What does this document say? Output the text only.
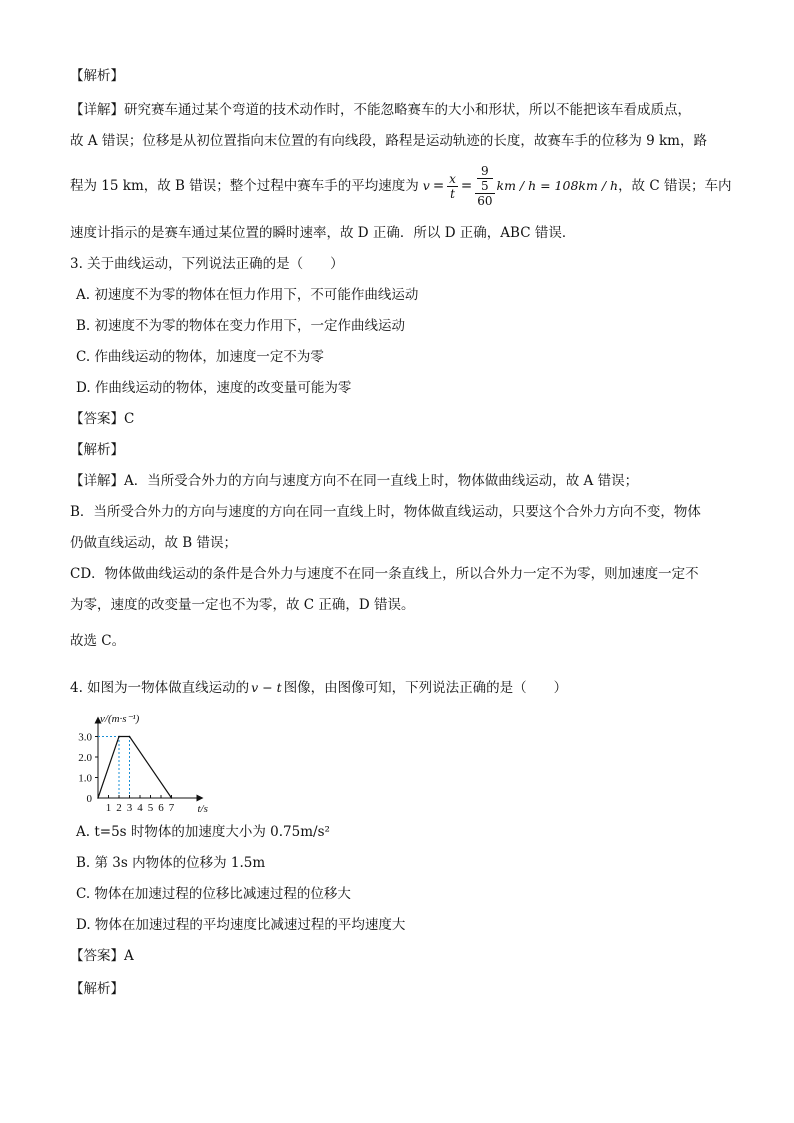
【解析】
【详解】研究赛车通过某个弯道的技术动作时，不能忽略赛车的大小和形状，所以不能把该车看成质点，
故 A 错误；位移是从初位置指向末位置的有向线段，路程是运动轨迹的长度，故赛车手的位移为 9 km，路
程为 15 km，故 B 错误；整个过程中赛车手的平均速度为 $v = \frac{x}{t} = 9$
5
60 km / h = 108km / h ，故 C 错误；车内
速度计指示的是赛车通过某位置的瞬时速率，故 D 正确．所以 D 正确，ABC 错误．
3. 关于曲线运动，下列说法正确的是（　　）
A. 初速度不为零的物体在恒力作用下，不可能作曲线运动
B. 初速度不为零的物体在变力作用下，一定作曲线运动
C. 作曲线运动的物体，加速度一定不为零
D. 作曲线运动的物体，速度的改变量可能为零
【答案】C
【解析】
【详解】A．当所受合外力的方向与速度方向不在同一直线上时，物体做曲线运动，故 A 错误；
B．当所受合外力的方向与速度的方向在同一直线上时，物体做直线运动，只要这个合外力方向不变，物体
仍做直线运动，故 B 错误；
CD．物体做曲线运动的条件是合外力与速度不在同一条直线上，所以合外力一定不为零，则加速度一定不
为零，速度的改变量一定也不为零，故 C 正确，D 错误。
故选 C。
4. 如图为一物体做直线运动的 v − t 图像，由图像可知，下列说法正确的是（　　）
0
1.0
2.0
3.0
1 2 3 4 5 6 7
v/(m·s⁻¹)
t/s
A. t=5s 时物体的加速度大小为 0.75m/s²
B. 第 3s 内物体的位移为 1.5m
C. 物体在加速过程的位移比减速过程的位移大
D. 物体在加速过程的平均速度比减速过程的平均速度大
【答案】A
【解析】
